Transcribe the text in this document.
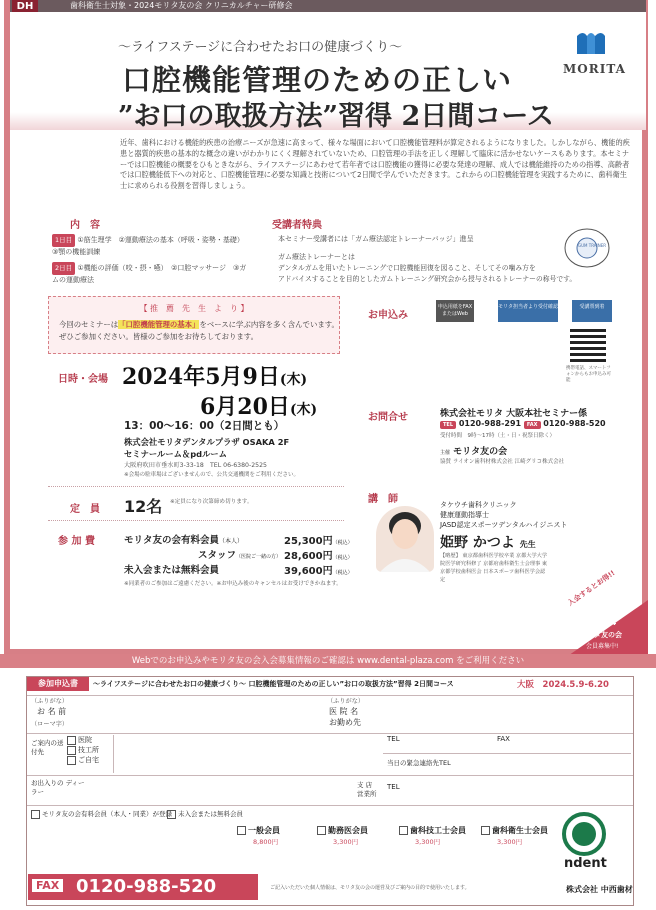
歯科衛生士対象・2024モリタ友の会 クリニカルチャー研修会
DH
〜ライフステージに合わせたお口の健康づくり〜
口腔機能管理のための正しい
”お口の取扱方法”習得 2日間コース
MORITA
近年、歯科における機能的疾患の治療ニーズが急速に高まって、様々な場面において口腔機能管理料が算定されるようになりました。しかしながら、機能的疾患と器質的疾患の基本的な概念の違いがわかりにくく理解されていないため、口腔管理の手法を正しく理解して臨床に活かせないケースもあります。本セミナーでは口腔機能の概要をひもときながら、ライフステージにあわせて若年者では口腔機能の獲得に必要な発達の理解、成人では機能維持のための指導、高齢者では口腔機能低下への対応と、口腔機能管理に必要な知識と技術について2日間で学んでいただきます。これからの口腔機能管理を実践するために、歯科衛生士に求められる役割を習得しましょう。
内　容
1日目 ①筋生理学　②運動療法の基本（呼吸・姿勢・基礎）　③顎の機能訓練
2日目 ①機能の評価（咬・摂・嚥）　②口腔マッサージ　③ガムの運動療法
受講者特典
本セミナー受講者には「ガム療法認定トレーナーバッジ」進呈
ガム療法トレーナーとは
デンタルガムを用いたトレーニングで口腔機能回復を図ること、そしてその噛み方を
アドバイスすることを目的としたガムトレーニング研究会から授与されるトレーナーの称号です。
GUM TRAINER
【 推　薦　先　生　よ　り 】
今回のセミナーは「口腔機能管理の基本」をベースに学ぶ内容を多く含んでいます。
ぜひご参加ください。皆様のご参加をお待ちしております。
日時・会場 2024年5月9日(木)
6月20日(木)
13：00〜16：00（2日間とも）
株式会社モリタデンタルプラザ OSAKA 2F
セミナールーム＆pdルーム
大阪府吹田市垂水町3-33-18　TEL 06-6380-2525
※会場の駐車場はございませんので、公共交通機関をご利用ください。
定　員 12名 ※定員になり次第締め切ります。
参 加 費	モリタ友の会有料会員（本人）	25,300円（税込）
スタッフ（医院ご一緒の方） 28,600円（税込）
未入会または無料会員	39,600円（税込）
※同業者のご参加はご遠慮ください。※お申込み後のキャンセルはお受けできかねます。
お申込み
申込用紙をFAXまたはWeb
モリタ担当者より受付確認	受講票到着
携帯電話、スマートフォンからもお申込み可能
お問合せ	株式会社モリタ 大阪本社セミナー係
TEL 0120-988-291 FAX 0120-988-520
受付時間　9時〜17時（土・日・祝祭日除く）
主催 モリタ友の会
協賛 ライオン歯科材株式会社 江崎グリコ株式会社
講　師	タケウチ歯科クリニック
健康運動指導士
JASD認定スポーツデンタルハイジニスト
姫野 かつよ 先生
【略歴】 東京都歯科医学校卒業 京都大学大学院医学研究科修了 京都府歯科衛生士会理事 東京都学校歯科医会 日本スポーツ歯科医学会認定	入会するとお得!!
2024
モリタ友の会
会員募集中!
Webでのお申込みやモリタ友の会入会募集情報のご確認は www.dental-plaza.com をご利用ください
参加申込書	〜ライフステージに合わせたお口の健康づくり〜 口腔機能管理のための正しい”お口の取扱方法”習得 2日間コース	大阪　 2024.5.9-6.20
（ふりがな）
お 名 前
（ローマ字）
（ふりがな）
医 院 名
お勤め先
ご案内の送付先
医院
技工所
ご自宅
TEL	FAX
当日の緊急連絡先TEL
お出入りの ディーラー
支 店 営業所
TEL
モリタ友の会有料会員（本人・同業）が登録 未入会または無料会員
一般会員
8,800円
勤務医会員
3,300円
歯科技工士会員
3,300円
歯科衛生士会員
3,300円
FAX 0120-988-520	ご記入いただいた個人情報は、モリタ友の会の運営及びご案内の目的で使用いたします。
ndent
株式会社 中西歯材
